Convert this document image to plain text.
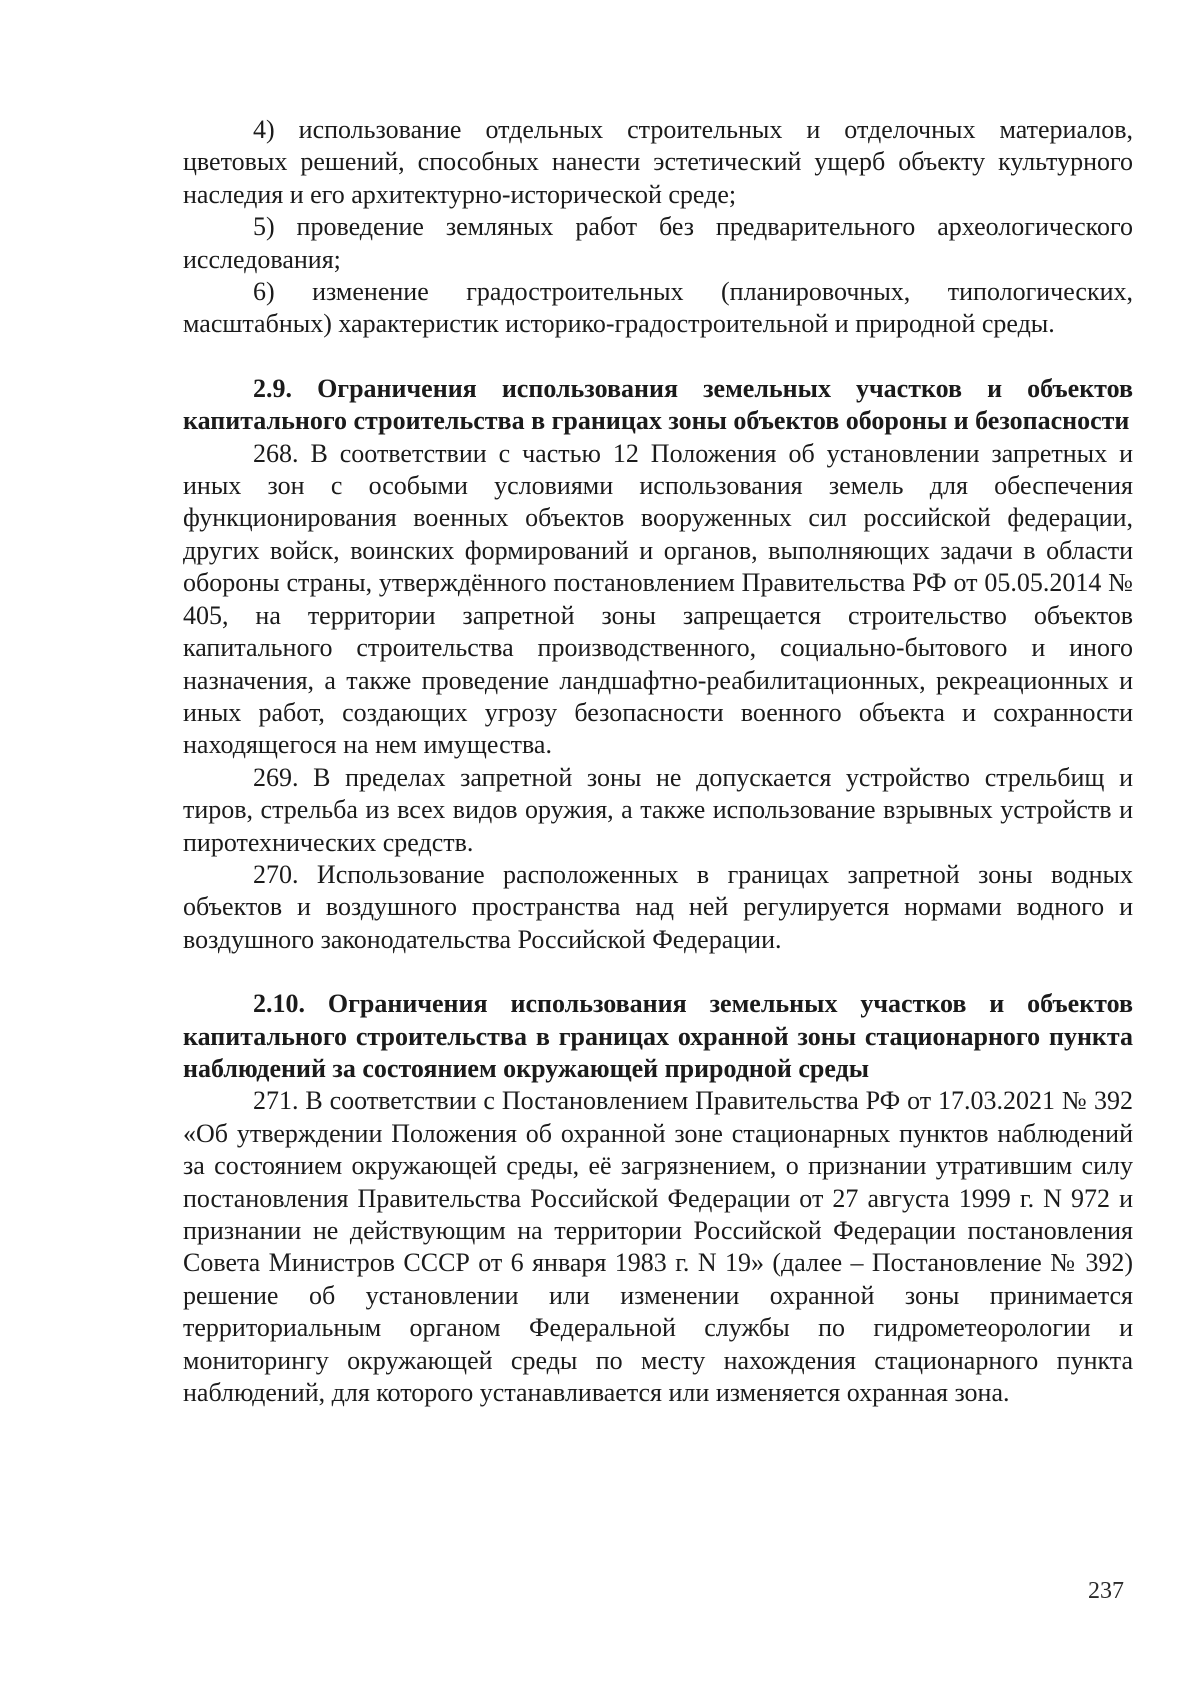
4) использование отдельных строительных и отделочных материалов, цветовых решений, способных нанести эстетический ущерб объекту культурного наследия и его архитектурно-исторической среде;

5) проведение земляных работ без предварительного археологического исследования;

6) изменение градостроительных (планировочных, типологических, масштабных) характеристик историко-градостроительной и природной среды.

2.9. Ограничения использования земельных участков и объектов капитального строительства в границах зоны объектов обороны и безопасности

268. В соответствии с частью 12 Положения об установлении запретных и иных зон с особыми условиями использования земель для обеспечения функционирования военных объектов вооруженных сил российской федерации, других войск, воинских формирований и органов, выполняющих задачи в области обороны страны, утверждённого постановлением Правительства РФ от 05.05.2014 № 405, на территории запретной зоны запрещается строительство объектов капитального строительства производственного, социально-бытового и иного назначения, а также проведение ландшафтно-реабилитационных, рекреационных и иных работ, создающих угрозу безопасности военного объекта и сохранности находящегося на нем имущества.

269. В пределах запретной зоны не допускается устройство стрельбищ и тиров, стрельба из всех видов оружия, а также использование взрывных устройств и пиротехнических средств.

270. Использование расположенных в границах запретной зоны водных объектов и воздушного пространства над ней регулируется нормами водного и воздушного законодательства Российской Федерации.

2.10. Ограничения использования земельных участков и объектов капитального строительства в границах охранной зоны стационарного пункта наблюдений за состоянием окружающей природной среды

271. В соответствии с Постановлением Правительства РФ от 17.03.2021 № 392 «Об утверждении Положения об охранной зоне стационарных пунктов наблюдений за состоянием окружающей среды, её загрязнением, о признании утратившим силу постановления Правительства Российской Федерации от 27 августа 1999 г. N 972 и признании не действующим на территории Российской Федерации постановления Совета Министров СССР от 6 января 1983 г. N 19» (далее – Постановление № 392) решение об установлении или изменении охранной зоны принимается территориальным органом Федеральной службы по гидрометеорологии и мониторингу окружающей среды по месту нахождения стационарного пункта наблюдений, для которого устанавливается или изменяется охранная зона.

237
